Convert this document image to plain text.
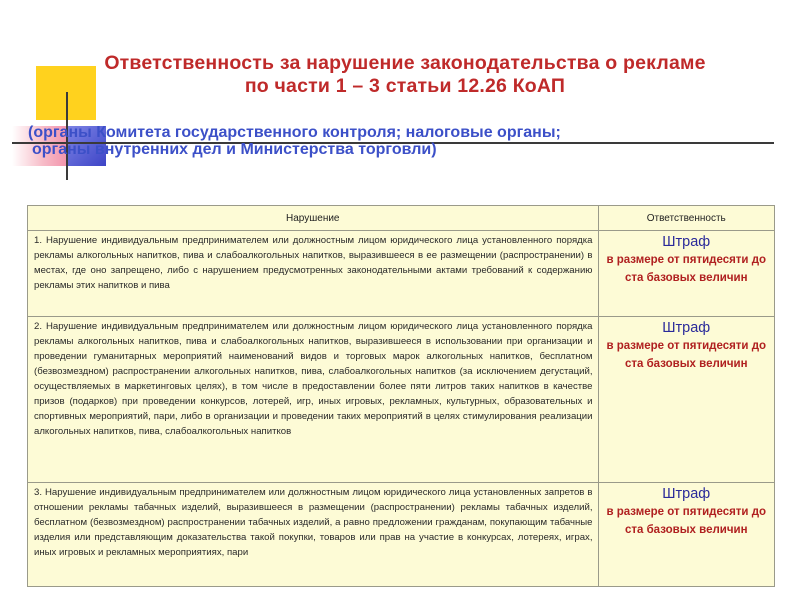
Ответственность за нарушение законодательства о рекламе
по части 1 – 3 статьи 12.26 КоАП
(органы Комитета государственного контроля; налоговые органы;
органы внутренних дел и Министерства торговли)
Нарушение	Ответственность
1. Нарушение индивидуальным предпринимателем или должностным лицом юридического лица установленного порядка рекламы алкогольных напитков, пива и слабоалкогольных напитков, выразившееся в ее размещении (распространении) в местах, где оно запрещено, либо с нарушением предусмотренных законодательными актами требований к содержанию рекламы этих напитков и пива	Штраф
в размере от пятидесяти до ста базовых величин

2. Нарушение индивидуальным предпринимателем или должностным лицом юридического лица установленного порядка рекламы алкогольных напитков, пива и слабоалкогольных напитков, выразившееся в использовании при организации и проведении гуманитарных мероприятий наименований видов и торговых марок алкогольных напитков, бесплатном (безвозмездном) распространении алкогольных напитков, пива, слабоалкогольных напитков (за исключением дегустаций, осуществляемых в маркетинговых целях), в том числе в предоставлении более пяти литров таких напитков в качестве призов (подарков) при проведении конкурсов, лотерей, игр, иных игровых, рекламных, культурных, образовательных и спортивных мероприятий, пари, либо в организации и проведении таких мероприятий в целях стимулирования реализации алкогольных напитков, пива, слабоалкогольных напитков	Штраф
в размере от пятидесяти до ста базовых величин

3. Нарушение индивидуальным предпринимателем или должностным лицом юридического лица установленных запретов в отношении рекламы табачных изделий, выразившееся в размещении (распространении) рекламы табачных изделий, бесплатном (безвозмездном) распространении табачных изделий, а равно предложении гражданам, покупающим табачные изделия или представляющим доказательства такой покупки, товаров или прав на участие в конкурсах, лотереях, играх, иных игровых и рекламных мероприятиях, пари	Штраф
в размере от пятидесяти до ста базовых величин
